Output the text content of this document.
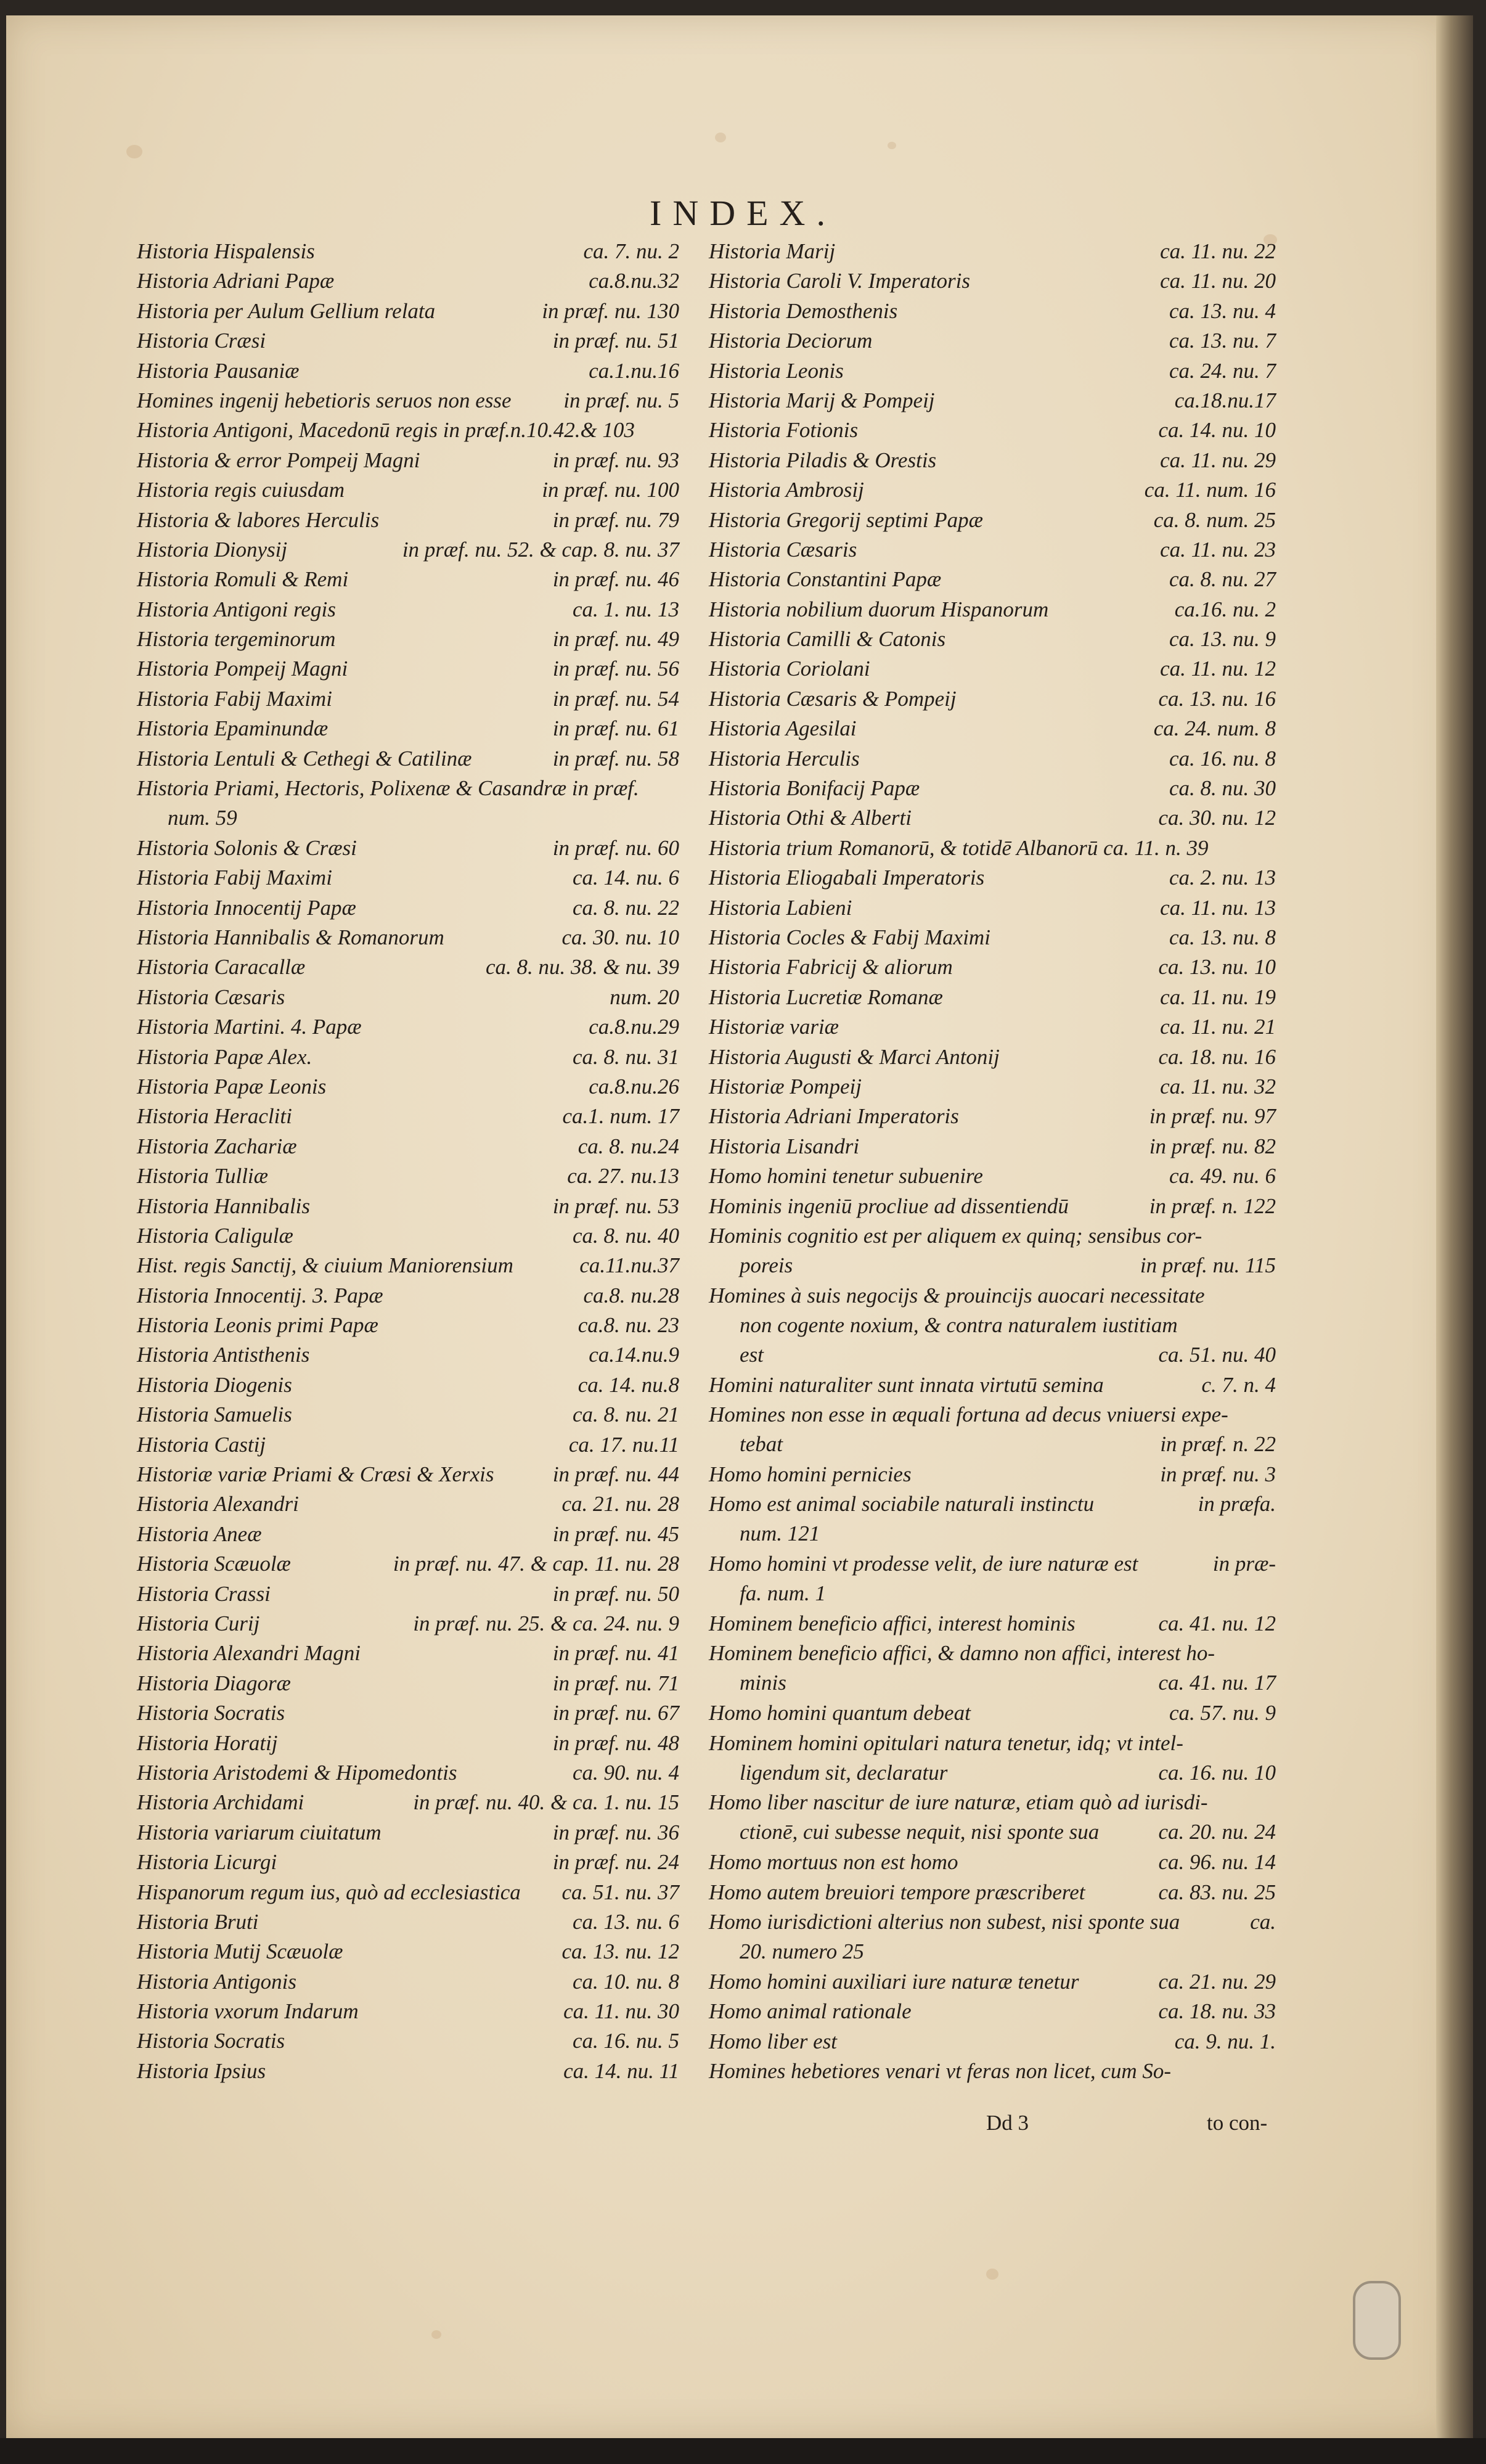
INDEX.
Historia Hispalensis	ca. 7. nu. 2
Historia Adriani Papæ	ca.8.nu.32
Historia per Aulum Gellium relata	in præf. nu. 130
Historia Cræsi	in præf. nu. 51
Historia Pausaniæ	ca.1.nu.16
Homines ingenij hebetioris seruos non esse in præf. nu. 5
Historia Antigoni, Macedonū regis in præf.n.10.42.& 103
Historia & error Pompeij Magni	in præf. nu. 93
Historia regis cuiusdam	in præf. nu. 100
Historia & labores Herculis	in præf. nu. 79
Historia Dionysij	in præf. nu. 52. & cap. 8. nu. 37
Historia Romuli & Remi	in præf. nu. 46
Historia Antigoni regis	ca. 1. nu. 13
Historia tergeminorum	in præf. nu. 49
Historia Pompeij Magni	in præf. nu. 56
Historia Fabij Maximi	in præf. nu. 54
Historia Epaminundæ	in præf. nu. 61
Historia Lentuli & Cethegi & Catilinæ	in præf. nu. 58
Historia Priami, Hectoris, Polixenæ & Casandræ in præf.
num. 59
Historia Solonis & Cræsi	in præf. nu. 60
Historia Fabij Maximi	ca. 14. nu. 6
Historia Innocentij Papæ	ca. 8. nu. 22
Historia Hannibalis & Romanorum	ca. 30. nu. 10
Historia Caracallæ	ca. 8. nu. 38. & nu. 39
Historia Cæsaris	num. 20
Historia Martini. 4. Papæ	ca.8.nu.29
Historia Papæ Alex.	ca. 8. nu. 31
Historia Papæ Leonis	ca.8.nu.26
Historia Heracliti	ca.1. num. 17
Historia Zachariæ	ca. 8. nu.24
Historia Tulliæ	ca. 27. nu.13
Historia Hannibalis	in præf. nu. 53
Historia Caligulæ	ca. 8. nu. 40
Hist. regis Sanctij, & ciuium Maniorensium	ca.11.nu.37
Historia Innocentij. 3. Papæ	ca.8. nu.28
Historia Leonis primi Papæ	ca.8. nu. 23
Historia Antisthenis	ca.14.nu.9
Historia Diogenis	ca. 14. nu.8
Historia Samuelis	ca. 8. nu. 21
Historia Castij	ca. 17. nu.11
Historiæ variæ Priami & Cræsi & Xerxis	in præf. nu. 44
Historia Alexandri	ca. 21. nu. 28
Historia Aneæ	in præf. nu. 45
Historia Scæuolæ	in præf. nu. 47. & cap. 11. nu. 28
Historia Crassi	in præf. nu. 50
Historia Curij	in præf. nu. 25. & ca. 24. nu. 9
Historia Alexandri Magni	in præf. nu. 41
Historia Diagoræ	in præf. nu. 71
Historia Socratis	in præf. nu. 67
Historia Horatij	in præf. nu. 48
Historia Aristodemi & Hipomedontis	ca. 90. nu. 4
Historia Archidami	in præf. nu. 40. & ca. 1. nu. 15
Historia variarum ciuitatum	in præf. nu. 36
Historia Licurgi	in præf. nu. 24
Hispanorum regum ius, quò ad ecclesiastica ca. 51. nu. 37
Historia Bruti	ca. 13. nu. 6
Historia Mutij Scæuolæ	ca. 13. nu. 12
Historia Antigonis	ca. 10. nu. 8
Historia vxorum Indarum	ca. 11. nu. 30
Historia Socratis	ca. 16. nu. 5
Historia Ipsius	ca. 14. nu. 11
Historia Marij	ca. 11. nu. 22
Historia Caroli V. Imperatoris	ca. 11. nu. 20
Historia Demosthenis	ca. 13. nu. 4
Historia Deciorum	ca. 13. nu. 7
Historia Leonis	ca. 24. nu. 7
Historia Marij & Pompeij	ca.18.nu.17
Historia Fotionis	ca. 14. nu. 10
Historia Piladis & Orestis	ca. 11. nu. 29
Historia Ambrosij	ca. 11. num. 16
Historia Gregorij septimi Papæ	ca. 8. num. 25
Historia Cæsaris	ca. 11. nu. 23
Historia Constantini Papæ	ca. 8. nu. 27
Historia nobilium duorum Hispanorum	ca.16. nu. 2
Historia Camilli & Catonis	ca. 13. nu. 9
Historia Coriolani	ca. 11. nu. 12
Historia Cæsaris & Pompeij	ca. 13. nu. 16
Historia Agesilai	ca. 24. num. 8
Historia Herculis	ca. 16. nu. 8
Historia Bonifacij Papæ	ca. 8. nu. 30
Historia Othi & Alberti	ca. 30. nu. 12
Historia trium Romanorū, & totidē Albanorū ca. 11. n. 39
Historia Eliogabali Imperatoris	ca. 2. nu. 13
Historia Labieni	ca. 11. nu. 13
Historia Cocles & Fabij Maximi	ca. 13. nu. 8
Historia Fabricij & aliorum	ca. 13. nu. 10
Historia Lucretiæ Romanæ	ca. 11. nu. 19
Historiæ variæ	ca. 11. nu. 21
Historia Augusti & Marci Antonij	ca. 18. nu. 16
Historiæ Pompeij	ca. 11. nu. 32
Historia Adriani Imperatoris	in præf. nu. 97
Historia Lisandri	in præf. nu. 82
Homo homini tenetur subuenire	ca. 49. nu. 6
Hominis ingeniū procliue ad dissentiendū	in præf. n. 122
Hominis cognitio est per aliquem ex quinq; sensibus cor-
poreis	in præf. nu. 115
Homines à suis negocijs & prouincijs auocari necessitate
non cogente noxium, & contra naturalem iustitiam
est	ca. 51. nu. 40
Homini naturaliter sunt innata virtutū semina	c. 7. n. 4
Homines non esse in æquali fortuna ad decus vniuersi expe-
tebat	in præf. n. 22
Homo homini pernicies	in præf. nu. 3
Homo est animal sociabile naturali instinctu	in præfa.
num. 121
Homo homini vt prodesse velit, de iure naturæ est	in præ-
fa. num. 1
Hominem beneficio affici, interest hominis	ca. 41. nu. 12
Hominem beneficio affici, & damno non affici, interest ho-
minis	ca. 41. nu. 17
Homo homini quantum debeat	ca. 57. nu. 9
Hominem homini opitulari natura tenetur, idq; vt intel-
ligendum sit, declaratur	ca. 16. nu. 10
Homo liber nascitur de iure naturæ, etiam quò ad iurisdi-
ctionē, cui subesse nequit, nisi sponte sua	ca. 20. nu. 24
Homo mortuus non est homo	ca. 96. nu. 14
Homo autem breuiori tempore præscriberet	ca. 83. nu. 25
Homo iurisdictioni alterius non subest, nisi sponte sua	ca.
20. numero 25
Homo homini auxiliari iure naturæ tenetur	ca. 21. nu. 29
Homo animal rationale	ca. 18. nu. 33
Homo liber est	ca. 9. nu. 1.
Homines hebetiores venari vt feras non licet, cum So-
Dd 3	to con-
